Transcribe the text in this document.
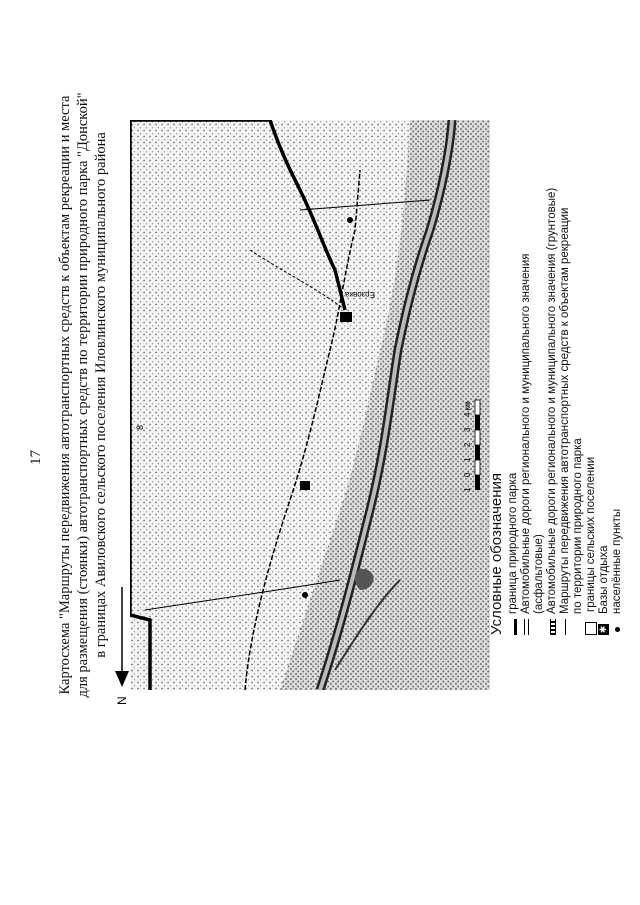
17 Картосхема "Маршруты передвижения автотранспортных средств к объектам рекреации и места для размещения (стоянки) автотранспортных средств по территории природного парка "Донской" в границах Авиловского сельского поселения Иловлинского муниципального района	Ерзовка
8
1
0
1
2
3
4 км
N
Условные обозначения граница природного парка Автомобильные дороги регионального и муниципального значения (асфальтовые) Автомобильные дороги регионального и муниципального значения (грунтовые) Маршруты передвижения автотранспортных средств к объектам рекреации
по территории природного парка границы сельских поселении
✱
Базы отдыха населённые пункты
